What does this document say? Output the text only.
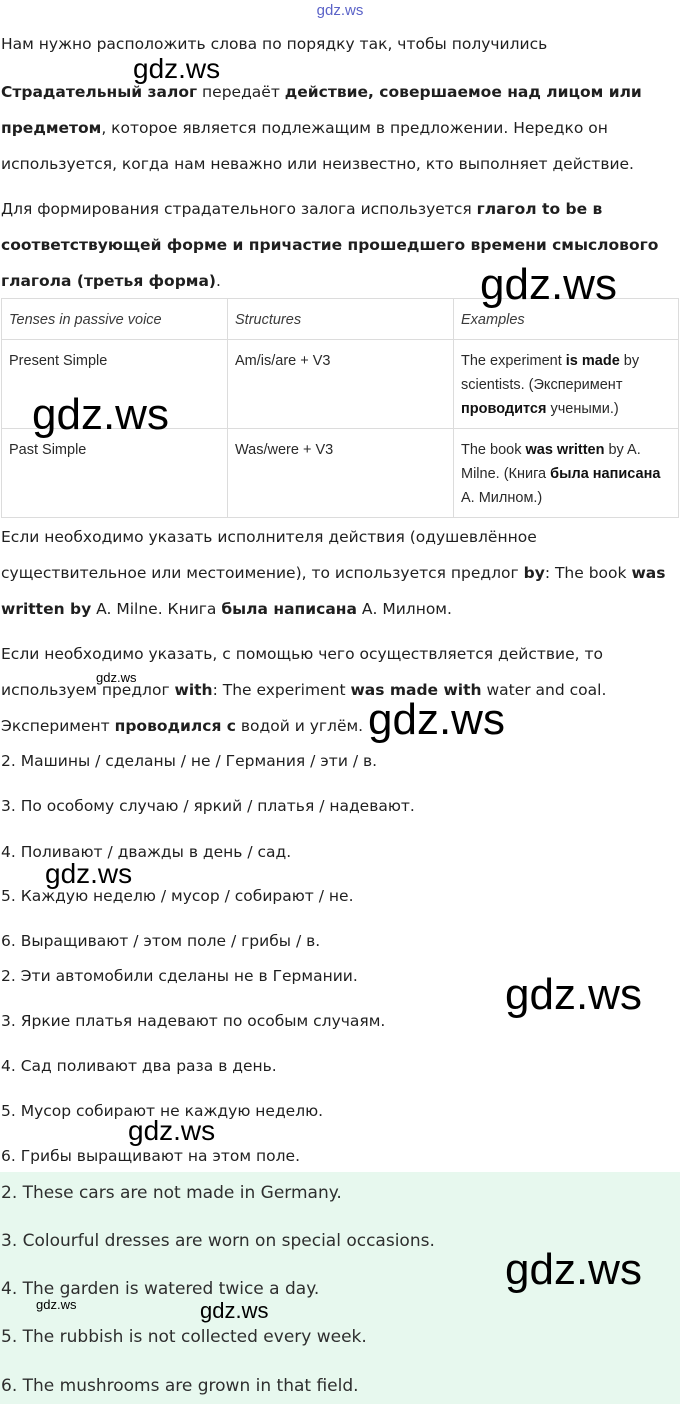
gdz.ws
Нам нужно расположить слова по порядку так, чтобы получились
Страдательный залог передаёт действие, совершаемое над лицом или предметом, которое является подлежащим в предложении. Нередко он используется, когда нам неважно или неизвестно, кто выполняет действие.
Для формирования страдательного залога используется глагол to be в соответствующей форме и причастие прошедшего времени смыслового глагола (третья форма).
Tenses in passive voice	Structures	Examples
Present Simple	Am/is/are + V3	The experiment is made by scientists. (Эксперимент проводится учеными.)
Past Simple	Was/were + V3	The book was written by A. Milne. (Книга была написана А. Милном.)
Если необходимо указать исполнителя действия (одушевлённое существительное или местоимение), то используется предлог by: The book was written by A. Milne. Книга была написана А. Милном.
Если необходимо указать, с помощью чего осуществляется действие, то используем предлог with: The experiment was made with water and coal. Эксперимент проводился с водой и углём.
2. Машины / сделаны / не / Германия / эти / в.
3. По особому случаю / яркий / платья / надевают.
4. Поливают / дважды в день / сад.
5. Каждую неделю / мусор / собирают / не.
6. Выращивают / этом поле / грибы / в.
2. Эти автомобили сделаны не в Германии.
3. Яркие платья надевают по особым случаям.
4. Сад поливают два раза в день.
5. Мусор собирают не каждую неделю.
6. Грибы выращивают на этом поле.
2. These cars are not made in Germany.
3. Colourful dresses are worn on special occasions.
4. The garden is watered twice a day.
5. The rubbish is not collected every week.
6. The mushrooms are grown in that field.
gdz.ws
gdz.ws
gdz.ws
gdz.ws
gdz.ws
gdz.ws
gdz.ws
gdz.ws
gdz.ws
gdz.ws	gdz.ws
